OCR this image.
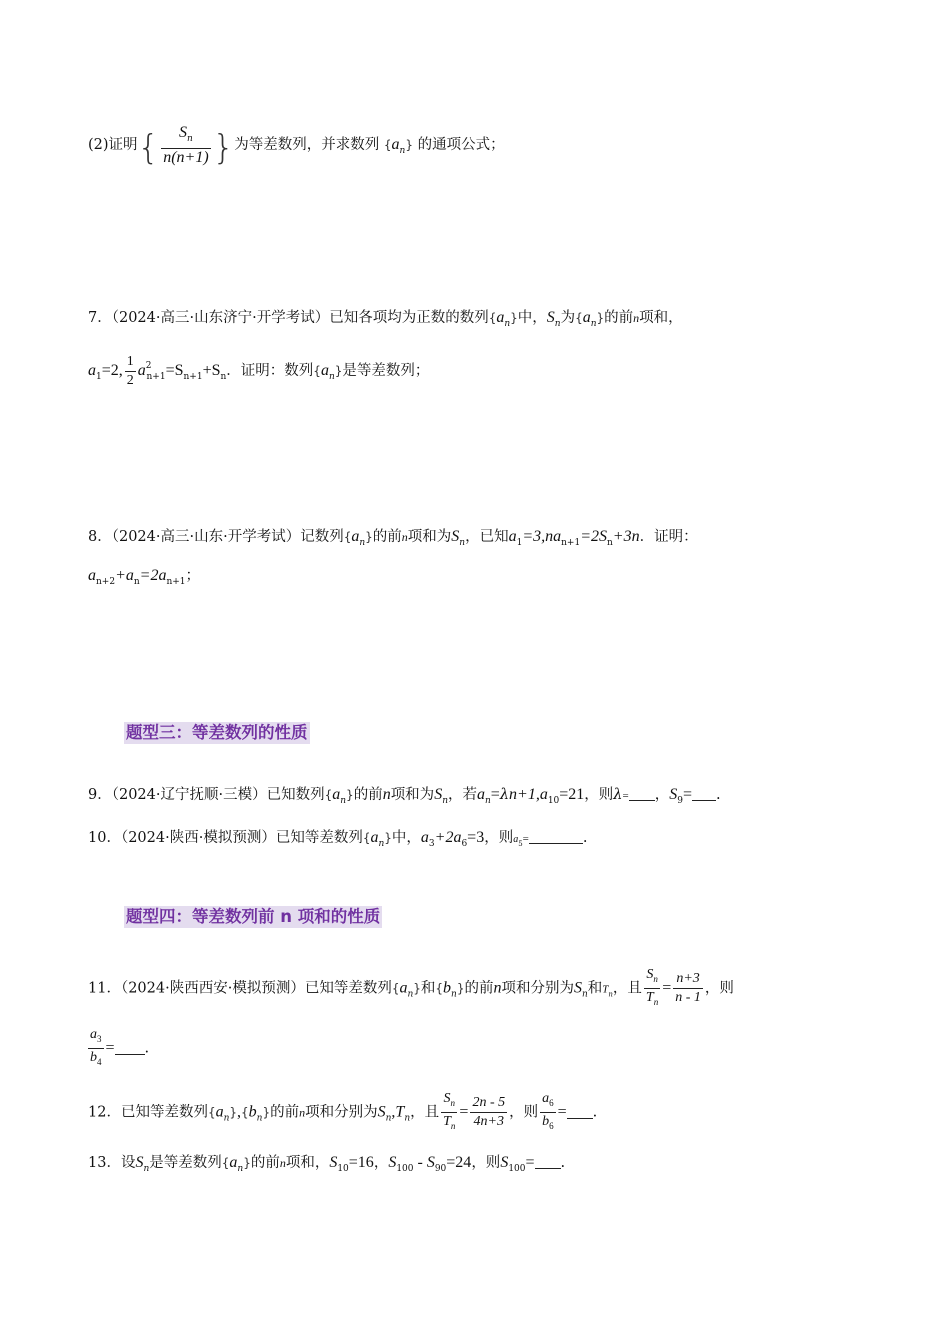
(2)证明{ $\frac{S_n}{n(n+1)}$ }为等差数列，并求数列 $\{a_n\}$ 的通项公式；
7．（2024·高三·山东济宁·开学考试）已知各项均为正数的数列$\{a_n\}$中，$S_n$为$\{a_n\}$的前n项和，
$a_1=2$, $\frac{1}{2} a^2_{n+1}=S_{n+1}+S_n$．证明：数列$\{a_n\}$是等差数列；
8．（2024·高三·山东·开学考试）记数列$\{a_n\}$的前n项和为$S_n$，已知$a_1=3,na_{n+1}=2S_n+3n$．证明：
$a_{n+2}+a_n=2a_{n+1}$；
题型三：等差数列的性质
9．（2024·辽宁抚顺·三模）已知数列$\{a_n\}$的前n项和为$S_n$，若$a_n=\lambda n+1,a_{10}=21$，则λ= ，$S_9=$ .
10．（2024·陕西·模拟预测）已知等差数列$\{a_n\}$中，$a_3+2a_6=3$，则$a_5=$	.
题型四：等差数列前 n 项和的性质
11．（2024·陕西西安·模拟预测）已知等差数列$\{a_n\}$和$\{b_n\}$的前n项和分别为$S_n$和$T_n$，且 $\frac{S_n}{T_n} = \frac{n+3}{n - 1}$ ，则
$\frac{a_3}{b_4}$ = .
12．已知等差数列$\{a_n\},\{b_n\}$的前n项和分别为$S_n,T_n$，且 $\frac{S_n}{T_n} = \frac{2n - 5}{4n+3}$ ，则 $\frac{a_6}{b_6}$ = .
13．设$S_n$是等差数列$\{a_n\}$的前n项和，$S_{10}=16$，$S_{100} - S_{90}=24$，则$S_{100}=$ .
